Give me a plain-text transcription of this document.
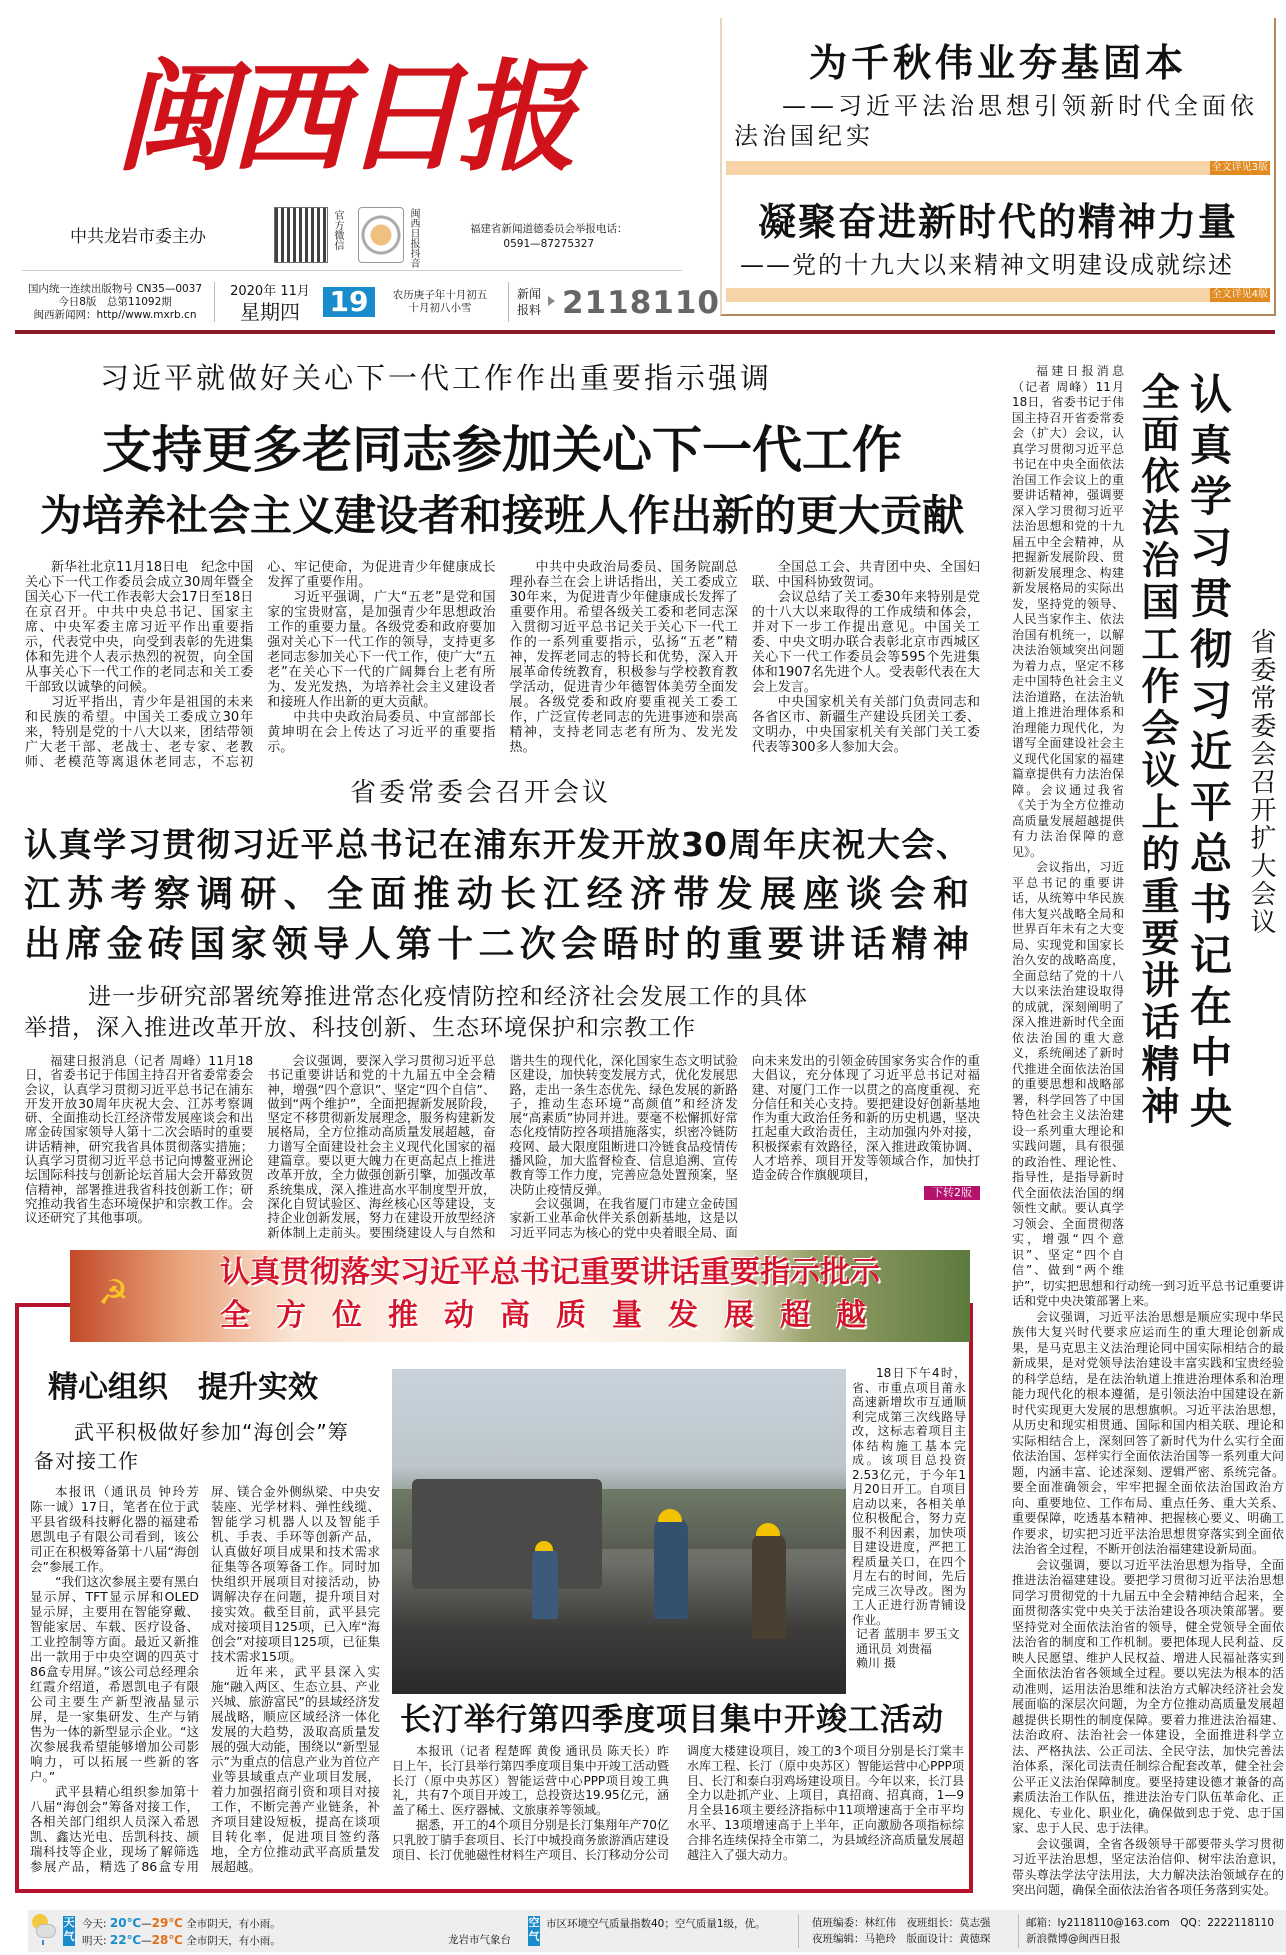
闽西日报
中共龙岩市委主办	官方微信	闽西日报抖音	福建省新闻道德委员会举报电话：
0591—87275327
国内统一连续出版物号 CN35—0037
今日8版　总第11092期
闽西新闻网：http//www.mxrb.cn
2020年 11月
星期四	19	农历庚子年十月初五
十月初八小雪
新闻报料 2118110
为千秋伟业夯基固本
——习近平法治思想引领新时代全面依法治国纪实
全文详见3版
凝聚奋进新时代的精神力量
——党的十九大以来精神文明建设成就综述
全文详见4版
习近平就做好关心下一代工作作出重要指示强调
支持更多老同志参加关心下一代工作
为培养社会主义建设者和接班人作出新的更大贡献

新华社北京11月18日电　纪念中国关心下一代工作委员会成立30周年暨全国关心下一代工作表彰大会17日至18日在京召开。中共中央总书记、国家主席、中央军委主席习近平作出重要指示，代表党中央，向受到表彰的先进集体和先进个人表示热烈的祝贺，向全国从事关心下一代工作的老同志和关工委干部致以诚挚的问候。

习近平指出，青少年是祖国的未来和民族的希望。中国关工委成立30年来，特别是党的十八大以来，团结带领广大老干部、老战士、老专家、老教师、老模范等离退休老同志，不忘初心、牢记使命，为促进青少年健康成长发挥了重要作用。

习近平强调，广大“五老”是党和国家的宝贵财富，是加强青少年思想政治工作的重要力量。各级党委和政府要加强对关心下一代工作的领导，支持更多老同志参加关心下一代工作，使广大“五老”在关心下一代的广阔舞台上老有所为、发光发热，为培养社会主义建设者和接班人作出新的更大贡献。

中共中央政治局委员、中宣部部长黄坤明在会上传达了习近平的重要指示。

中共中央政治局委员、国务院副总理孙春兰在会上讲话指出，关工委成立30年来，为促进青少年健康成长发挥了重要作用。希望各级关工委和老同志深入贯彻习近平总书记关于关心下一代工作的一系列重要指示，弘扬“五老”精神，发挥老同志的特长和优势，深入开展革命传统教育，积极参与学校教育教学活动，促进青少年德智体美劳全面发展。各级党委和政府要重视关工委工作，广泛宣传老同志的先进事迹和崇高精神，支持老同志老有所为、发光发热。

全国总工会、共青团中央、全国妇联、中国科协致贺词。

会议总结了关工委30年来特别是党的十八大以来取得的工作成绩和体会，并对下一步工作提出意见。中国关工委、中央文明办联合表彰北京市西城区关心下一代工作委员会等595个先进集体和1907名先进个人。受表彰代表在大会上发言。

中央国家机关有关部门负责同志和各省区市、新疆生产建设兵团关工委、文明办，中央国家机关有关部门关工委代表等300多人参加大会。

省委常委会召开会议
认真学习贯彻习近平总书记在浦东开发开放30周年庆祝大会、
江苏考察调研、全面推动长江经济带发展座谈会和
出席金砖国家领导人第十二次会晤时的重要讲话精神
进一步研究部署统筹推进常态化疫情防控和经济社会发展工作的具体
举措，深入推进改革开放、科技创新、生态环境保护和宗教工作

福建日报消息（记者 周峰）11月18日，省委书记于伟国主持召开省委常委会会议，认真学习贯彻习近平总书记在浦东开发开放30周年庆祝大会、江苏考察调研、全面推动长江经济带发展座谈会和出席金砖国家领导人第十二次会晤时的重要讲话精神，研究我省具体贯彻落实措施；认真学习贯彻习近平总书记向博鳌亚洲论坛国际科技与创新论坛首届大会开幕致贺信精神，部署推进我省科技创新工作；研究推动我省生态环境保护和宗教工作。会议还研究了其他事项。

会议强调，要深入学习贯彻习近平总书记重要讲话和党的十九届五中全会精神，增强“四个意识”、坚定“四个自信”、做到“两个维护”，全面把握新发展阶段，坚定不移贯彻新发展理念，服务构建新发展格局，全方位推动高质量发展超越，奋力谱写全面建设社会主义现代化国家的福建篇章。要以更大魄力在更高起点上推进改革开放，全力做强创新引擎，加强改革系统集成，深入推进高水平制度型开放，深化自贸试验区、海丝核心区等建设，支持企业创新发展，努力在建设开放型经济新体制上走前头。要围绕建设人与自然和谐共生的现代化，深化国家生态文明试验区建设，加快转变发展方式，优化发展思路，走出一条生态优先、绿色发展的新路子，推动生态环境“高颜值”和经济发展“高素质”协同并进。要毫不松懈抓好常态化疫情防控各项措施落实，织密冷链防疫网、最大限度阻断进口冷链食品疫情传播风险，加大监督检查、信息追溯、宣传教育等工作力度，完善应急处置预案，坚决防止疫情反弹。

会议强调，在我省厦门市建立金砖国家新工业革命伙伴关系创新基地，这是以习近平同志为核心的党中央着眼全局、面向未来发出的引领金砖国家务实合作的重大倡议，充分体现了习近平总书记对福建、对厦门工作一以贯之的高度重视、充分信任和关心支持。要把建设好创新基地作为重大政治任务和新的历史机遇，坚决扛起重大政治责任，主动加强内外对接，积极探索有效路径，深入推进政策协调、人才培养、项目开发等领域合作，加快打造金砖合作旗舰项目，

下转2版

福建日报消息（记者 周峰）11月18日，省委书记于伟国主持召开省委常委会（扩大）会议，认真学习贯彻习近平总书记在中央全面依法治国工作会议上的重要讲话精神，强调要深入学习贯彻习近平法治思想和党的十九届五中全会精神，从把握新发展阶段、贯彻新发展理念、构建新发展格局的实际出发，坚持党的领导、人民当家作主、依法治国有机统一，以解决法治领域突出问题为着力点，坚定不移走中国特色社会主义法治道路，在法治轨道上推进治理体系和治理能力现代化，为谱写全面建设社会主义现代化国家的福建篇章提供有力法治保障。会议通过我省《关于为全方位推动高质量发展超越提供有力法治保障的意见》。

会议指出，习近平总书记的重要讲话，从统筹中华民族伟大复兴战略全局和世界百年未有之大变局、实现党和国家长治久安的战略高度，全面总结了党的十八大以来法治建设取得的成就，深刻阐明了深入推进新时代全面依法治国的重大意义，系统阐述了新时代推进全面依法治国的重要思想和战略部署，科学回答了中国特色社会主义法治建设一系列重大理论和实践问题，具有很强的政治性、理论性、指导性，是指导新时代全面依法治国的纲领性文献。要认真学习领会、全面贯彻落实，增强“四个意识”、坚定“四个自信”、做到“两个维护”，切实把思想和行动统一到习近平总书记重要讲话和党中央决策部署上来。

会议强调，习近平法治思想是顺应实现中华民族伟大复兴时代要求应运而生的重大理论创新成果，是马克思主义法治理论同中国实际相结合的最新成果，是对党领导法治建设丰富实践和宝贵经验的科学总结，是在法治轨道上推进治理体系和治理能力现代化的根本遵循，是引领法治中国建设在新时代实现更大发展的思想旗帜。习近平法治思想，从历史和现实相贯通、国际和国内相关联、理论和实际相结合上，深刻回答了新时代为什么实行全面依法治国、怎样实行全面依法治国等一系列重大问题，内涵丰富、论述深刻、逻辑严密、系统完备。要全面准确领会，牢牢把握全面依法治国政治方向、重要地位、工作布局、重点任务、重大关系、重要保障，吃透基本精神、把握核心要义、明确工作要求，切实把习近平法治思想贯穿落实到全面依法治省全过程，不断开创法治福建建设新局面。

会议强调，要以习近平法治思想为指导，全面推进法治福建建设。要把学习贯彻习近平法治思想同学习贯彻党的十九届五中全会精神结合起来，全面贯彻落实党中央关于法治建设各项决策部署。要坚持党对全面依法治省的领导，健全党领导全面依法治省的制度和工作机制。要把体现人民利益、反映人民愿望、维护人民权益、增进人民福祉落实到全面依法治省各领域全过程。要以宪法为根本的活动准则，运用法治思维和法治方式解决经济社会发展面临的深层次问题，为全方位推动高质量发展超越提供长期性的制度保障。要着力推进法治福建、法治政府、法治社会一体建设，全面推进科学立法、严格执法、公正司法、全民守法，加快完善法治体系，深化司法责任制综合配套改革，健全社会公平正义法治保障制度。要坚持建设德才兼备的高素质法治工作队伍，推进法治专门队伍革命化、正规化、专业化、职业化，确保做到忠于党、忠于国家、忠于人民、忠于法律。

会议强调，全省各级领导干部要带头学习贯彻习近平法治思想，坚定法治信仰、树牢法治意识，带头尊法学法守法用法，大力解决法治领域存在的突出问题，确保全面依法治省各项任务落到实处。

认真学习贯彻习近平总书记在中央
全面依法治国工作会议上的重要讲话精神	省委常委会召开扩大会议
☭
认真贯彻落实习近平总书记重要讲话重要指示批示
全方位推动高质量发展超越
精心组织　提升实效
武平积极做好参加“海创会”筹备对接工作

本报讯（通讯员 钟玲芳 陈一诚）17日，笔者在位于武平县省级科技孵化器的福建希恩凯电子有限公司看到，该公司正在积极筹备第十八届“海创会”参展工作。

“我们这次参展主要有黑白显示屏、TFT显示屏和OLED显示屏，主要用在智能穿戴、智能家居、车载、医疗设备、工业控制等方面。最近又新推出一款用于中央空调的四英寸86盒专用屏。”该公司总经理余红霞介绍道，希恩凯电子有限公司主要生产新型液晶显示屏，是一家集研发、生产与销售为一体的新型显示企业。“这次参展我希望能够增加公司影响力，可以拓展一些新的客户。”

武平县精心组织参加第十八届“海创会”筹备对接工作，各相关部门组织人员深入希恩凯、鑫达光电、岳凯科技、颉瑞科技等企业，现场了解筛选参展产品，精选了86盒专用屏、镁合金外侧纵梁、中央安装座、光学材料、弹性线缆、智能学习机器人以及智能手机、手表、手环等创新产品，认真做好项目成果和技术需求征集等各项筹备工作。同时加快组织开展项目对接活动，协调解决存在问题，提升项目对接实效。截至目前，武平县完成对接项目125项，已入库“海创会”对接项目125项，已征集技术需求15项。

近年来，武平县深入实施“融入两区、生态立县、产业兴城、旅游富民”的县域经济发展战略，顺应区域经济一体化发展的大趋势，汲取高质量发展的强大动能，围绕以“新型显示”为重点的信息产业为首位产业等县域重点产业项目发展，着力加强招商引资和项目对接工作，不断完善产业链条，补齐项目建设短板，提高在谈项目转化率，促进项目签约落地，全方位推动武平高质量发展超越。

18日下午4时，省、市重点项目莆永高速新增坎市互通顺利完成第三次线路导改，这标志着项目主体结构施工基本完成。该项目总投资2.53亿元，于今年1月20日开工。自项目启动以来，各相关单位积极配合，努力克服不利因素，加快项目建设进度，严把工程质量关口，在四个月左右的时间，先后完成三次导改。图为工人正进行沥青铺设作业。

记者 蓝朋丰 罗玉文
通讯员 刘贵福
赖川 摄
长汀举行第四季度项目集中开竣工活动

本报讯（记者 程楚晖 黄俊 通讯员 陈天长）昨日上午，长汀县举行第四季度项目集中开竣工活动暨长汀（原中央苏区）智能运营中心PPP项目竣工典礼，共有7个项目开竣工，总投资达19.95亿元，涵盖了稀土、医疗器械、文旅康养等领域。

据悉，开工的4个项目分别是长汀集翔年产70亿只乳胶丁腈手套项目、长汀中城投商务旅游酒店建设项目、长汀优驰磁性材料生产项目、长汀移动分公司调度大楼建设项目，竣工的3个项目分别是长汀棠丰水库工程、长汀（原中央苏区）智能运营中心PPP项目、长汀和泰白羽鸡场建设项目。今年以来，长汀县全力以赴抓产业、上项目，真招商、招真商，1—9月全县16项主要经济指标中11项增速高于全市平均水平、13项增速高于上半年，正向激励各项指标综合排名连续保持全市第二，为县域经济高质量发展超越注入了强大动力。

天气
今天: 20℃—29℃ 全市阴天，有小雨。
明天: 22℃—28℃ 全市阴天，有小雨。	龙岩市气象台
空气
市区环境空气质量指数40；空气质量1级，优。	值班编委：林红伟　 夜班组长：莫志强
夜班编辑：马艳玲　 版面设计：黄德琛
邮箱：ly2118110@163.com　 QQ：2222118110
新浪微博@闽西日报
